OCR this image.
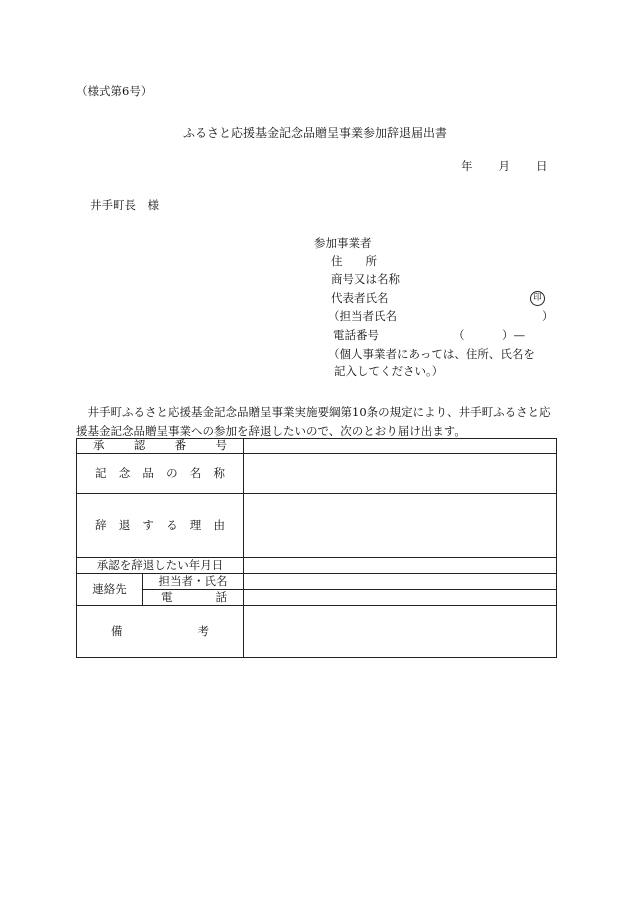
（様式第6号）
ふるさと応援基金記念品贈呈事業参加辞退届出書
年 月 日
井手町長　様
参加事業者
住　　所
商号又は名称
代表者氏名	印
（担当者氏名	）
電話番号	（	）—
（個人事業者にあっては、住所、氏名を
記入してください。）
井手町ふるさと応援基金記念品贈呈事業実施要綱第10条の規定により、井手町ふるさと応援基金記念品贈呈事業への参加を辞退したいので、次のとおり届け出ます。
承　認　番　号		
記 念 品 の 名 称		
辞 退 す る 理 由		
承認を辞退したい年月日		
連絡先	担当者・氏名	
	電　話	
備　考		
